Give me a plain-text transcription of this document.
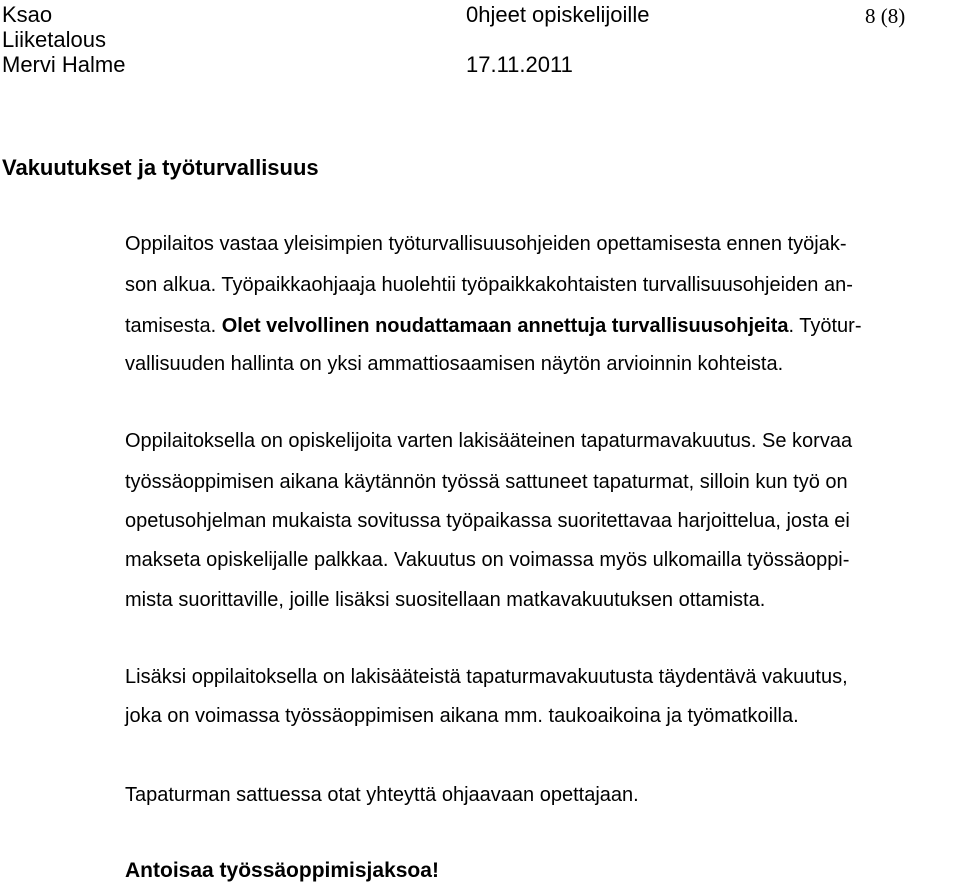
Ksao	0hjeet opiskelijoille	8 (8)
Liiketalous
Mervi Halme	17.11.2011
Vakuutukset ja työturvallisuus
Oppilaitos vastaa yleisimpien työturvallisuusohjeiden opettamisesta ennen työjak-
son alkua. Työpaikkaohjaaja huolehtii työpaikkakohtaisten turvallisuusohjeiden an-
tamisesta. Olet velvollinen noudattamaan annettuja turvallisuusohjeita. Työtur-
vallisuuden hallinta on yksi ammattiosaamisen näytön arvioinnin kohteista.
Oppilaitoksella on opiskelijoita varten lakisääteinen tapaturmavakuutus. Se korvaa
työssäoppimisen aikana käytännön työssä sattuneet tapaturmat, silloin kun työ on
opetusohjelman mukaista sovitussa työpaikassa suoritettavaa harjoittelua, josta ei
makseta opiskelijalle palkkaa. Vakuutus on voimassa myös ulkomailla työssäoppi-
mista suorittaville, joille lisäksi suositellaan matkavakuutuksen ottamista.
Lisäksi oppilaitoksella on lakisääteistä tapaturmavakuutusta täydentävä vakuutus,
joka on voimassa työssäoppimisen aikana mm. taukoaikoina ja työmatkoilla.
Tapaturman sattuessa otat yhteyttä ohjaavaan opettajaan.
Antoisaa työssäoppimisjaksoa!
